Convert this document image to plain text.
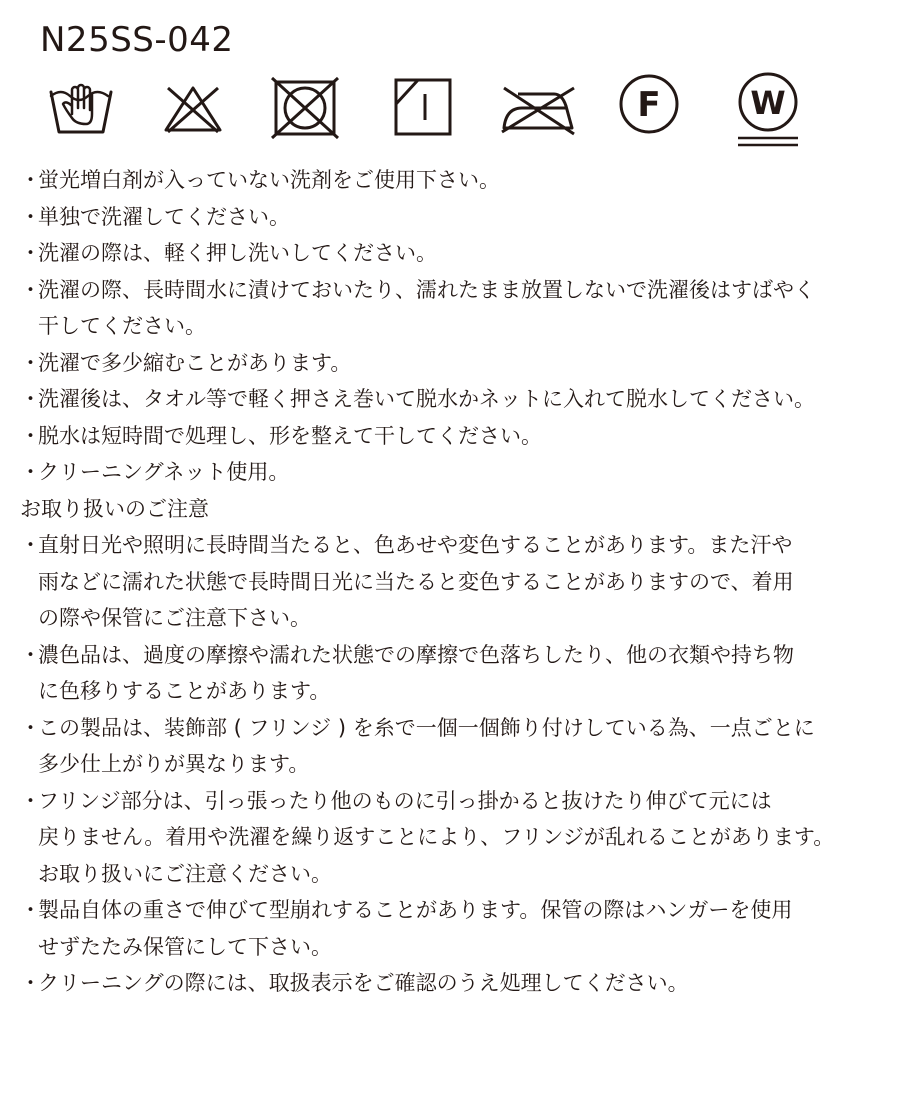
N25SS-042
F	W
・蛍光増白剤が入っていない洗剤をご使用下さい。
・単独で洗濯してください。
・洗濯の際は、軽く押し洗いしてください。
・洗濯の際、長時間水に漬けておいたり、濡れたまま放置しないで洗濯後はすばやく
干してください。
・洗濯で多少縮むことがあります。
・洗濯後は、タオル等で軽く押さえ巻いて脱水かネットに入れて脱水してください。
・脱水は短時間で処理し、形を整えて干してください。
・クリーニングネット使用。
お取り扱いのご注意
・直射日光や照明に長時間当たると、色あせや変色することがあります。また汗や
雨などに濡れた状態で長時間日光に当たると変色することがありますので、着用
の際や保管にご注意下さい。
・濃色品は、過度の摩擦や濡れた状態での摩擦で色落ちしたり、他の衣類や持ち物
に色移りすることがあります。
・この製品は、装飾部 ( フリンジ ) を糸で一個一個飾り付けしている為、一点ごとに
多少仕上がりが異なります。
・フリンジ部分は、引っ張ったり他のものに引っ掛かると抜けたり伸びて元には
戻りません。着用や洗濯を繰り返すことにより、フリンジが乱れることがあります。
お取り扱いにご注意ください。
・製品自体の重さで伸びて型崩れすることがあります。保管の際はハンガーを使用
せずたたみ保管にして下さい。
・クリーニングの際には、取扱表示をご確認のうえ処理してください。
